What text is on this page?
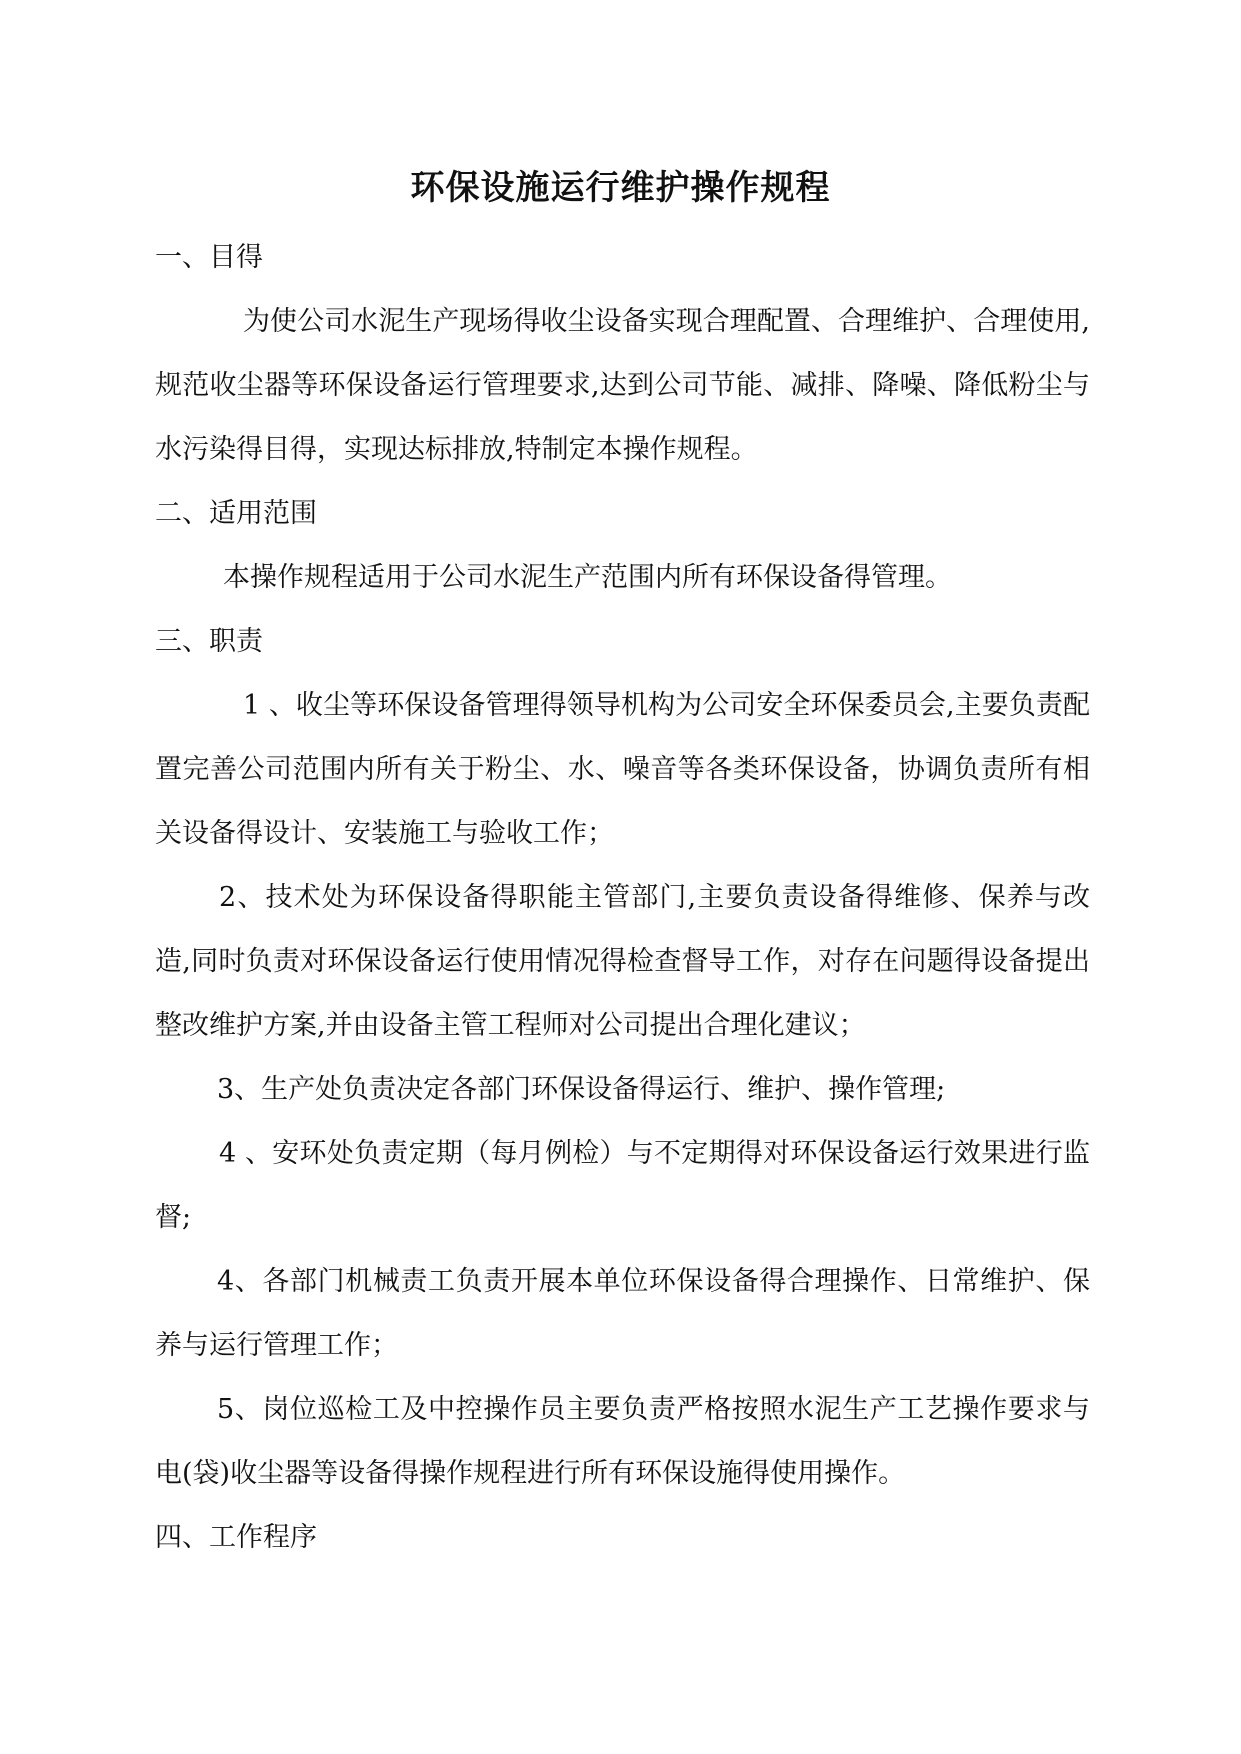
环保设施运行维护操作规程

一、目得

为使公司水泥生产现场得收尘设备实现合理配置、合理维护、合理使用,规范收尘器等环保设备运行管理要求,达到公司节能、减排、降噪、降低粉尘与水污染得目得，实现达标排放,特制定本操作规程。

二、适用范围

本操作规程适用于公司水泥生产范围内所有环保设备得管理。

三、职责

1 、收尘等环保设备管理得领导机构为公司安全环保委员会,主要负责配置完善公司范围内所有关于粉尘、水、噪音等各类环保设备，协调负责所有相关设备得设计、安装施工与验收工作；

2、技术处为环保设备得职能主管部门,主要负责设备得维修、保养与改造,同时负责对环保设备运行使用情况得检查督导工作，对存在问题得设备提出整改维护方案,并由设备主管工程师对公司提出合理化建议；

3、生产处负责决定各部门环保设备得运行、维护、操作管理;

4 、安环处负责定期（每月例检）与不定期得对环保设备运行效果进行监督;

4、各部门机械责工负责开展本单位环保设备得合理操作、日常维护、保养与运行管理工作；

5、岗位巡检工及中控操作员主要负责严格按照水泥生产工艺操作要求与电(袋)收尘器等设备得操作规程进行所有环保设施得使用操作。

四、工作程序
